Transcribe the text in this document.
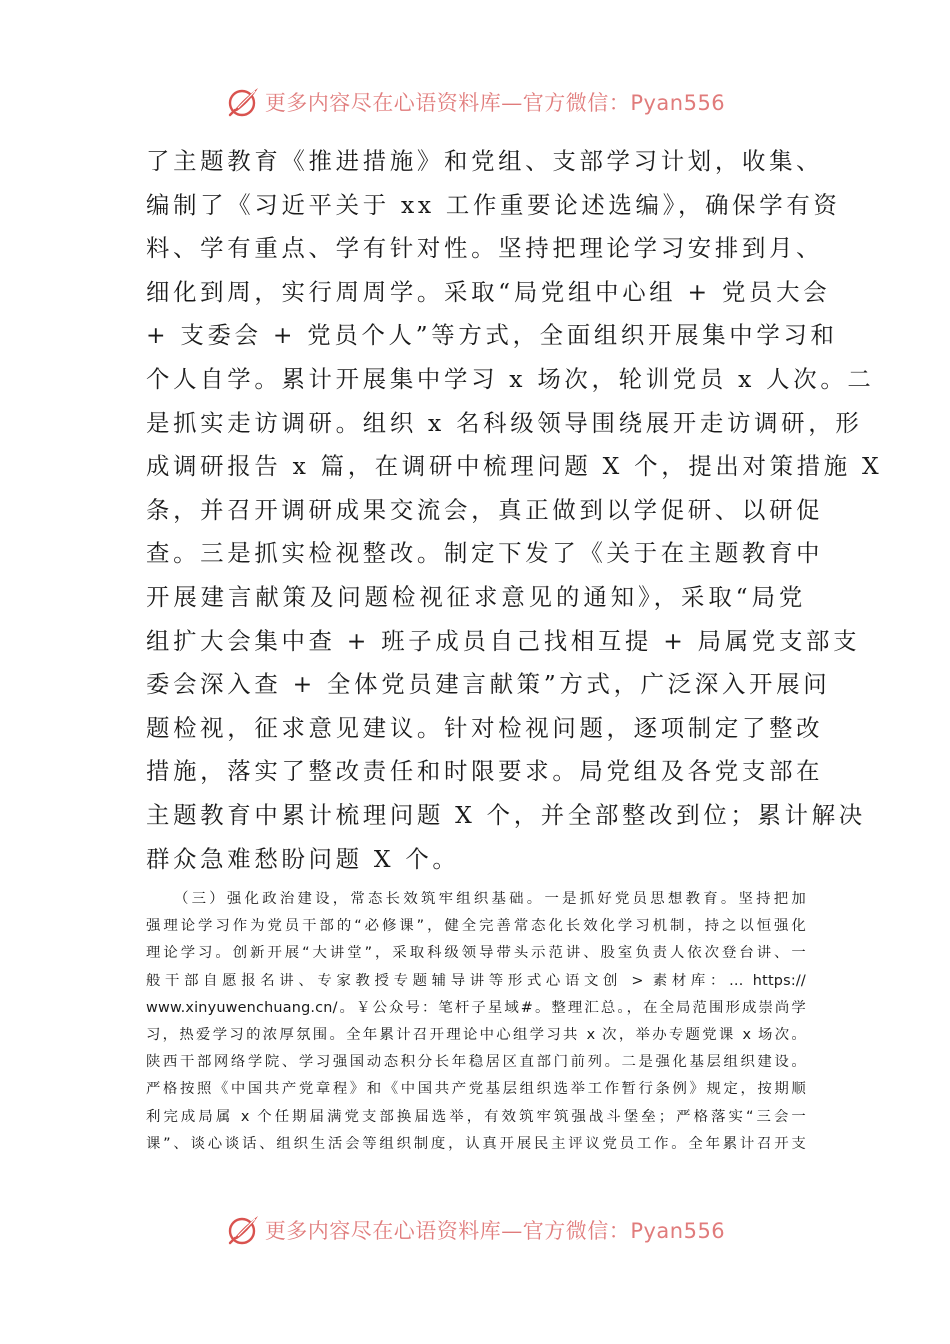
更多内容尽在心语资料库—官方微信：Pyan556
了主题教育《推进措施》和党组、支部学习计划，收集、
编制了《习近平关于 xx 工作重要论述选编》，确保学有资
料、学有重点、学有针对性。坚持把理论学习安排到月、
细化到周，实行周周学。采取“局党组中心组 + 党员大会
+ 支委会 + 党员个人”等方式，全面组织开展集中学习和
个人自学。累计开展集中学习 x 场次，轮训党员 x 人次。二
是抓实走访调研。组织 x 名科级领导围绕展开走访调研，形
成调研报告 x 篇，在调研中梳理问题 X 个，提出对策措施 X
条，并召开调研成果交流会，真正做到以学促研、以研促
查。三是抓实检视整改。制定下发了《关于在主题教育中
开展建言献策及问题检视征求意见的通知》，采取“局党
组扩大会集中查 + 班子成员自己找相互提 + 局属党支部支
委会深入查 + 全体党员建言献策”方式，广泛深入开展问
题检视，征求意见建议。针对检视问题，逐项制定了整改
措施，落实了整改责任和时限要求。局党组及各党支部在
主题教育中累计梳理问题 X 个，并全部整改到位；累计解决
群众急难愁盼问题 X 个。
（三）强化政治建设，常态长效筑牢组织基础。一是抓好党员思想教育。坚持把加
强理论学习作为党员干部的“必修课”，健全完善常态化长效化学习机制，持之以恒强化
理论学习。创新开展“大讲堂”，采取科级领导带头示范讲、股室负责人依次登台讲、一
般干部自愿报名讲、专家教授专题辅导讲等形式心语文创 > 素材库：… https://
www.xinyuwenchuang.cn/。￥公众号：笔杆子星域#。整理汇总。，在全局范围形成崇尚学
习，热爱学习的浓厚氛围。全年累计召开理论中心组学习共 x 次，举办专题党课 x 场次。
陕西干部网络学院、学习强国动态积分长年稳居区直部门前列。二是强化基层组织建设。
严格按照《中国共产党章程》和《中国共产党基层组织选举工作暂行条例》规定，按期顺
利完成局属 x 个任期届满党支部换届选举，有效筑牢筑强战斗堡垒；严格落实“三会一
课”、谈心谈话、组织生活会等组织制度，认真开展民主评议党员工作。全年累计召开支
更多内容尽在心语资料库—官方微信：Pyan556
